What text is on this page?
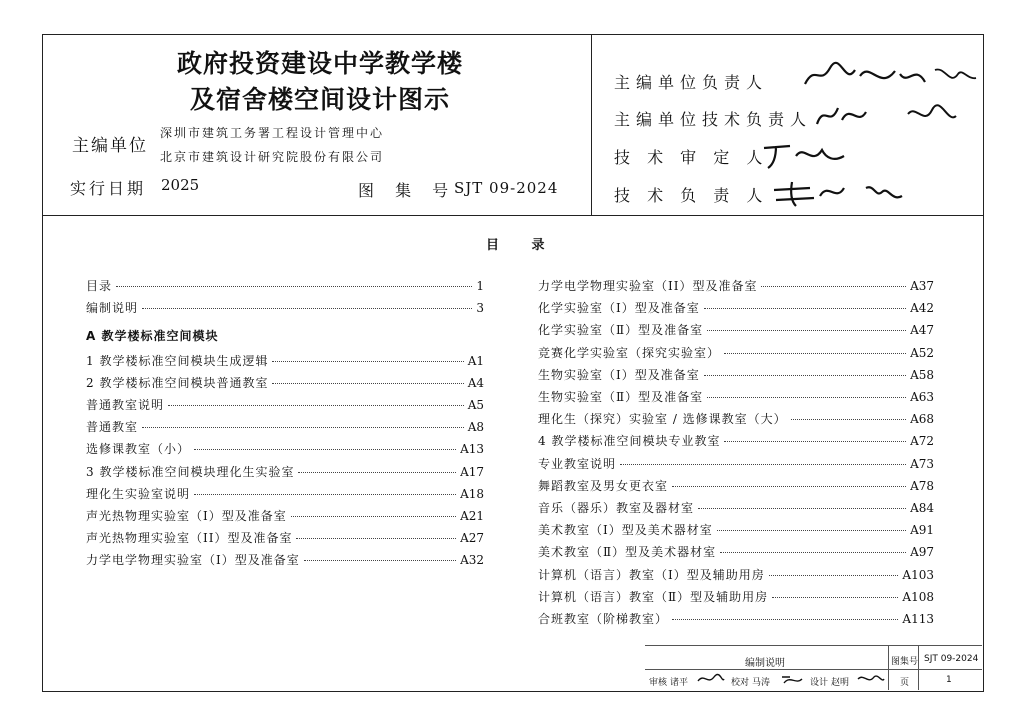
政府投资建设中学教学楼
及宿舍楼空间设计图示
主编单位
深圳市建筑工务署工程设计管理中心
北京市建筑设计研究院股份有限公司
实行日期 2025	图 集 号
SJT 09-2024
主编单位负责人
主编单位技术负责人
技 术 审 定 人
技 术 负 责 人
目 录
编制说明	图集号 SJT 09-2024
审核 诸平	校对 马涛	设计 赵明	页	1
目录	1
编制说明	3
A 教学楼标准空间模块
1 教学楼标准空间模块生成逻辑	A1
2 教学楼标准空间模块普通教室	A4
普通教室说明	A5
普通教室	A8
选修课教室（小）	A13
3 教学楼标准空间模块理化生实验室	A17
理化生实验室说明	A18
声光热物理实验室（I）型及准备室	A21
声光热物理实验室（II）型及准备室	A27
力学电学物理实验室（I）型及准备室	A32
力学电学物理实验室（II）型及准备室	A37
化学实验室（Ⅰ）型及准备室	A42
化学实验室（Ⅱ）型及准备室	A47
竞赛化学实验室（探究实验室）	A52
生物实验室（Ⅰ）型及准备室	A58
生物实验室（Ⅱ）型及准备室	A63
理化生（探究）实验室 / 选修课教室（大）	A68
4 教学楼标准空间模块专业教室	A72
专业教室说明	A73
舞蹈教室及男女更衣室	A78
音乐（器乐）教室及器材室	A84
美术教室（Ⅰ）型及美术器材室	A91
美术教室（Ⅱ）型及美术器材室	A97
计算机（语言）教室（Ⅰ）型及辅助用房	A103
计算机（语言）教室（Ⅱ）型及辅助用房	A108
合班教室（阶梯教室）	A113
